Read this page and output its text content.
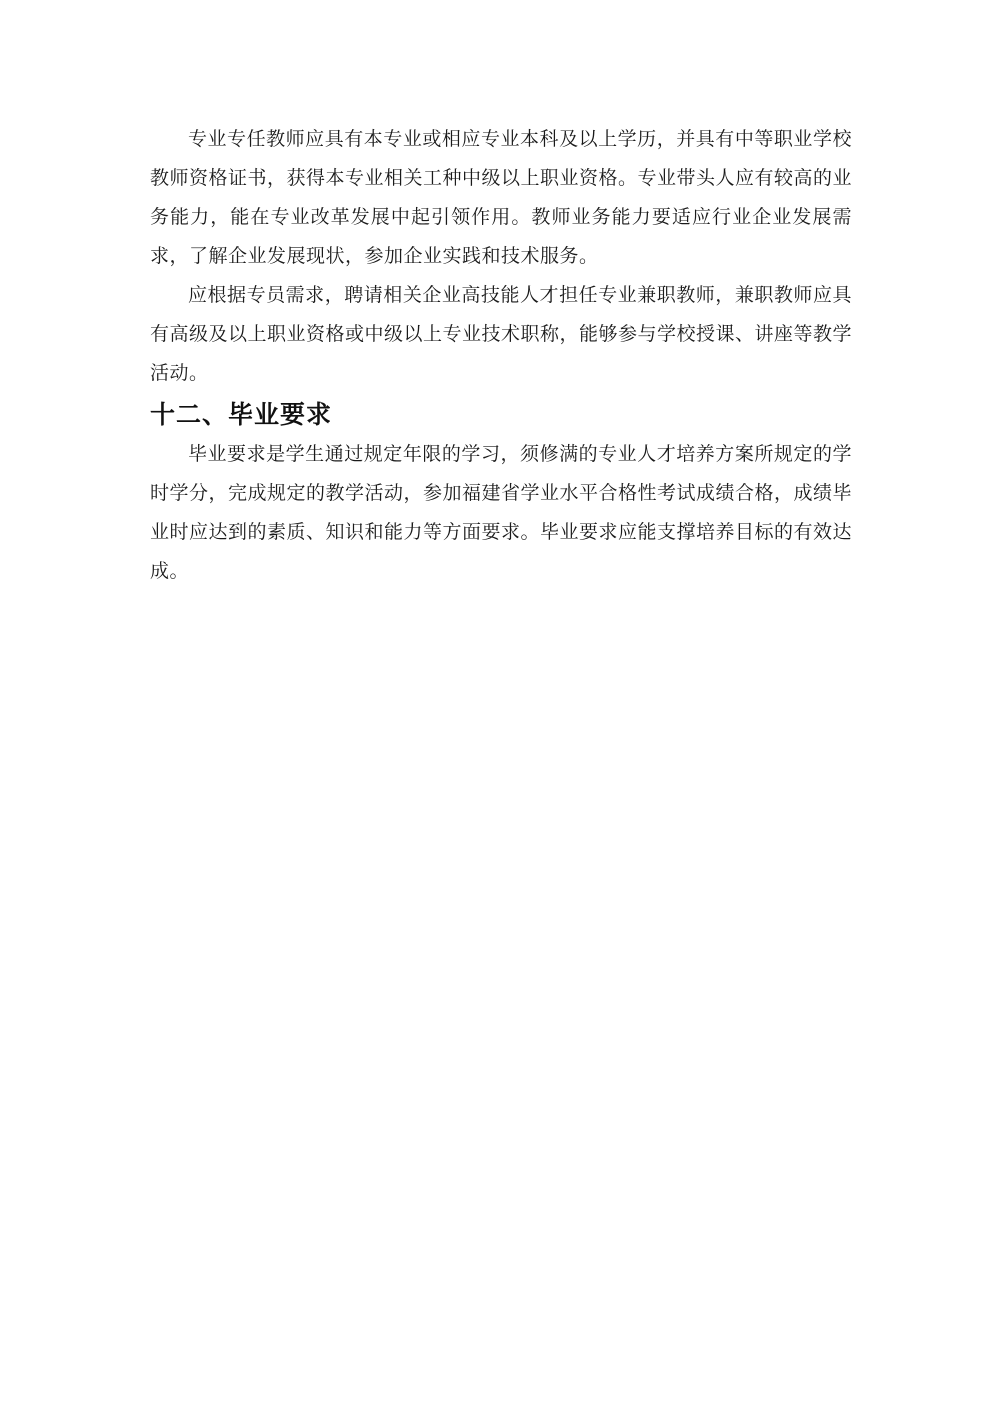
专业专任教师应具有本专业或相应专业本科及以上学历，并具有中等职业学校教师资格证书，获得本专业相关工种中级以上职业资格。专业带头人应有较高的业务能力，能在专业改革发展中起引领作用。教师业务能力要适应行业企业发展需求，了解企业发展现状，参加企业实践和技术服务。

应根据专员需求，聘请相关企业高技能人才担任专业兼职教师，兼职教师应具有高级及以上职业资格或中级以上专业技术职称，能够参与学校授课、讲座等教学活动。

十二、毕业要求

毕业要求是学生通过规定年限的学习，须修满的专业人才培养方案所规定的学时学分，完成规定的教学活动，参加福建省学业水平合格性考试成绩合格，成绩毕业时应达到的素质、知识和能力等方面要求。毕业要求应能支撑培养目标的有效达成。
